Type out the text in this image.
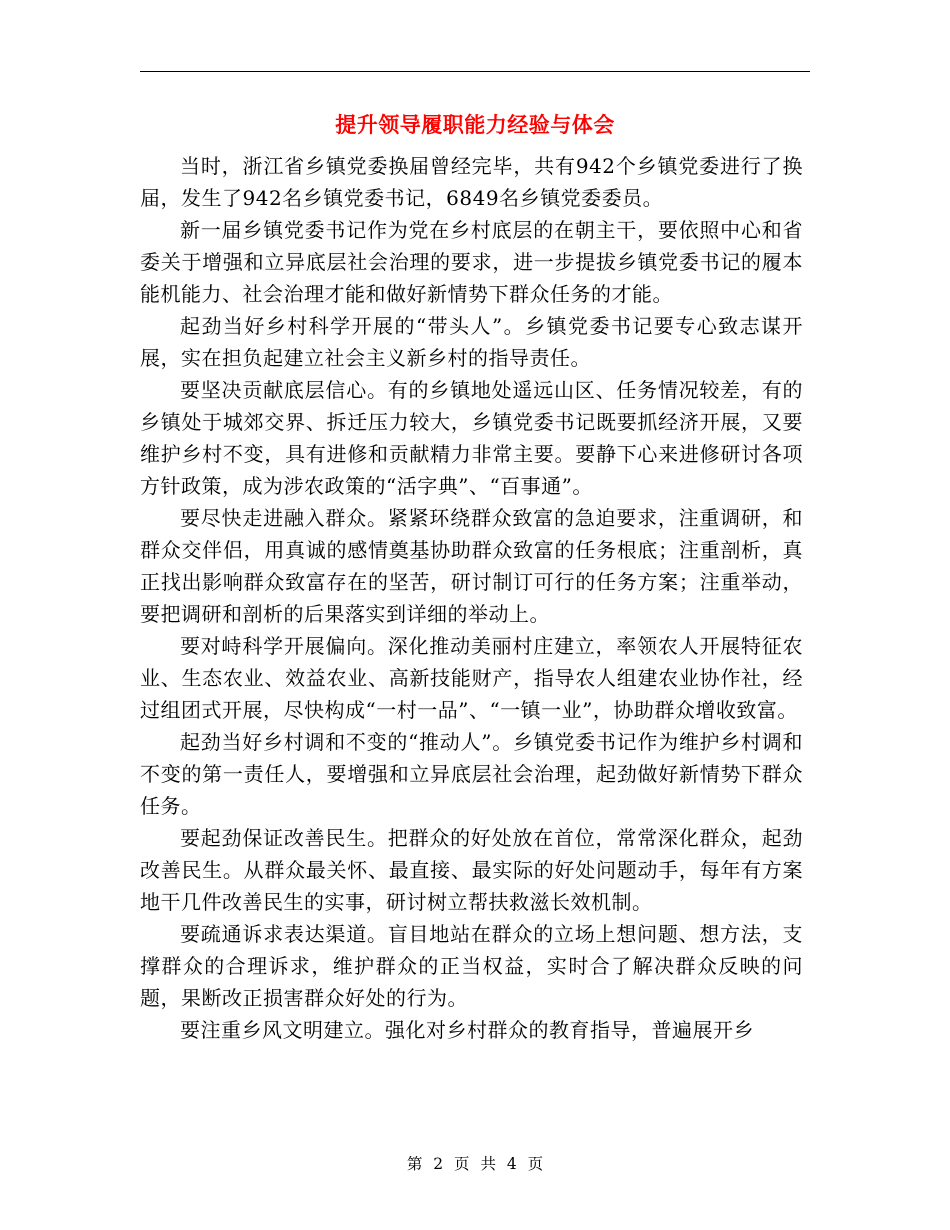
提升领导履职能力经验与体会

当时，浙江省乡镇党委换届曾经完毕，共有942个乡镇党委进行了换届，发生了942名乡镇党委书记，6849名乡镇党委委员。

新一届乡镇党委书记作为党在乡村底层的在朝主干，要依照中心和省委关于增强和立异底层社会治理的要求，进一步提拔乡镇党委书记的履本能机能力、社会治理才能和做好新情势下群众任务的才能。

起劲当好乡村科学开展的“带头人”。乡镇党委书记要专心致志谋开展，实在担负起建立社会主义新乡村的指导责任。

要坚决贡献底层信心。有的乡镇地处遥远山区、任务情况较差，有的乡镇处于城郊交界、拆迁压力较大，乡镇党委书记既要抓经济开展，又要维护乡村不变，具有进修和贡献精力非常主要。要静下心来进修研讨各项方针政策，成为涉农政策的“活字典”、“百事通”。

要尽快走进融入群众。紧紧环绕群众致富的急迫要求，注重调研，和群众交伴侣，用真诚的感情奠基协助群众致富的任务根底；注重剖析，真正找出影响群众致富存在的坚苦，研讨制订可行的任务方案；注重举动，要把调研和剖析的后果落实到详细的举动上。

要对峙科学开展偏向。深化推动美丽村庄建立，率领农人开展特征农业、生态农业、效益农业、高新技能财产，指导农人组建农业协作社，经过组团式开展，尽快构成“一村一品”、“一镇一业”，协助群众增收致富。

起劲当好乡村调和不变的“推动人”。乡镇党委书记作为维护乡村调和不变的第一责任人，要增强和立异底层社会治理，起劲做好新情势下群众任务。

要起劲保证改善民生。把群众的好处放在首位，常常深化群众，起劲改善民生。从群众最关怀、最直接、最实际的好处问题动手，每年有方案地干几件改善民生的实事，研讨树立帮扶救滋长效机制。

要疏通诉求表达渠道。盲目地站在群众的立场上想问题、想方法，支撑群众的合理诉求，维护群众的正当权益，实时合了解决群众反映的问题，果断改正损害群众好处的行为。

要注重乡风文明建立。强化对乡村群众的教育指导，普遍展开乡

第 2 页 共 4 页
